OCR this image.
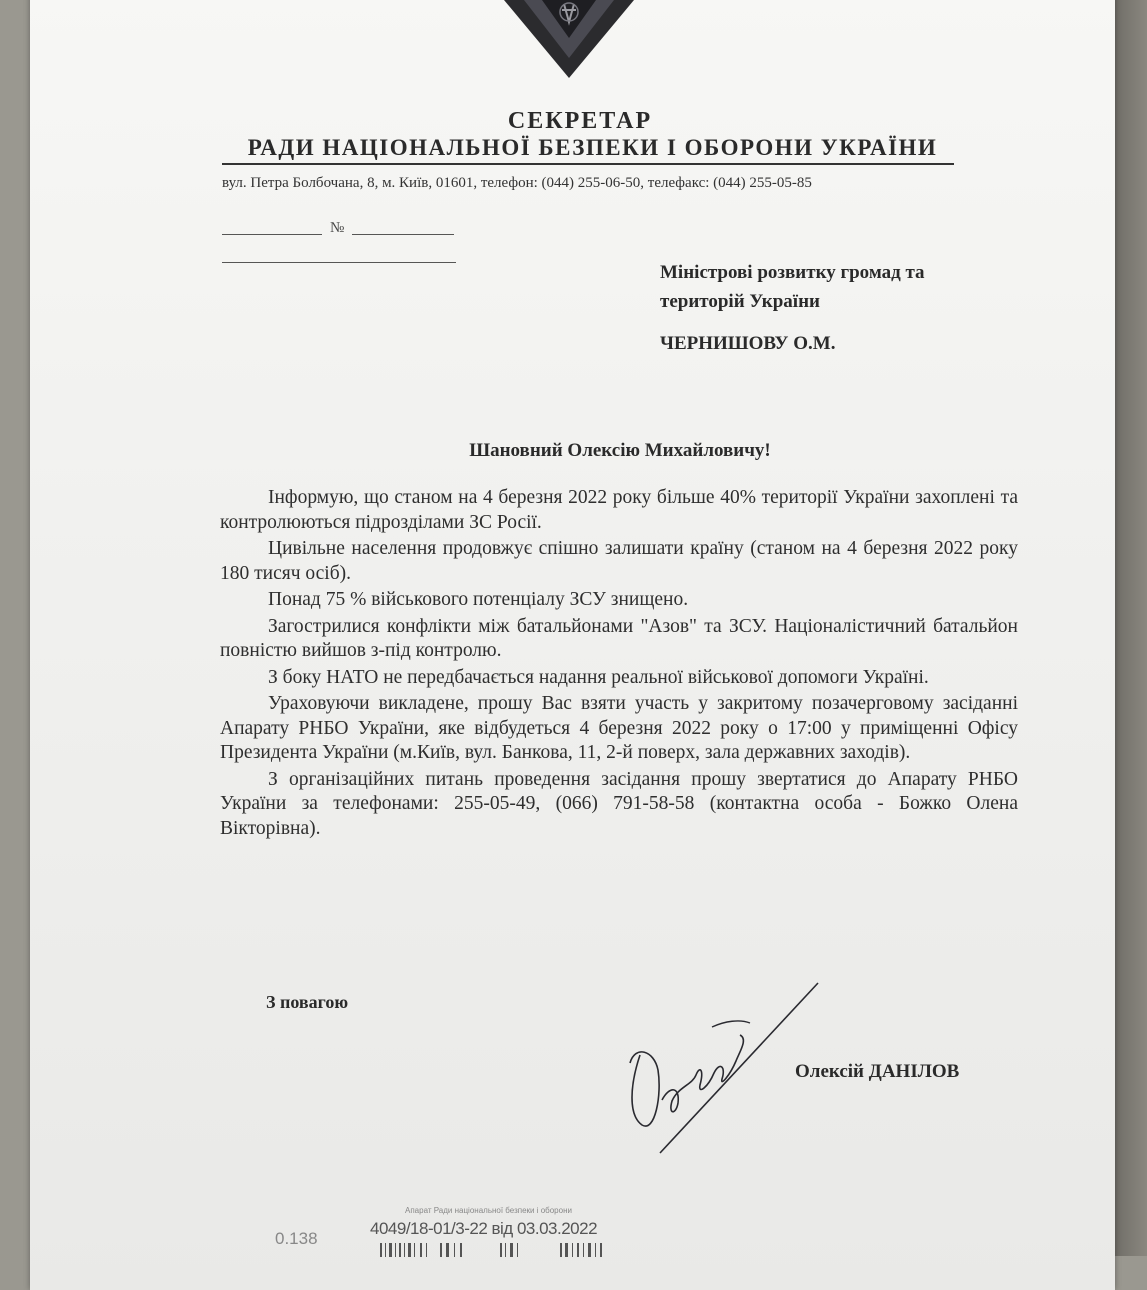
СЕКРЕТАР
РАДИ НАЦІОНАЛЬНОЇ БЕЗПЕКИ І ОБОРОНИ УКРАЇНИ
вул. Петра Болбочана, 8, м. Київ, 01601, телефон: (044) 255-06-50, телефакс: (044) 255-05-85
№
Міністрові розвитку громад та
територій України
ЧЕРНИШОВУ О.М.
Шановний Олексію Михайловичу!

Інформую, що станом на 4 березня 2022 року більше 40% території України захоплені та контролюються підрозділами ЗС Росії.

Цивільне населення продовжує спішно залишати країну (станом на 4 березня 2022 року 180 тисяч осіб).

Понад 75 % військового потенціалу ЗСУ знищено.

Загострилися конфлікти між батальйонами "Азов" та ЗСУ. Націоналістичний батальйон повністю вийшов з-під контролю.

З боку НАТО не передбачається надання реальної військової допомоги Україні.

Ураховуючи викладене, прошу Вас взяти участь у закритому позачерговому засіданні Апарату РНБО України, яке відбудеться 4 березня 2022 року о 17:00 у приміщенні Офісу Президента України (м.Київ, вул. Банкова, 11, 2-й поверх, зала державних заходів).

З організаційних питань проведення засідання прошу звертатися до Апарату РНБО України за телефонами: 255-05-49, (066) 791-58-58 (контактна особа - Божко Олена Вікторівна).

З повагою
Олексій ДАНІЛОВ
Апарат Ради національної безпеки і оборони
4049/18-01/3-22 від 03.03.2022
0.138
